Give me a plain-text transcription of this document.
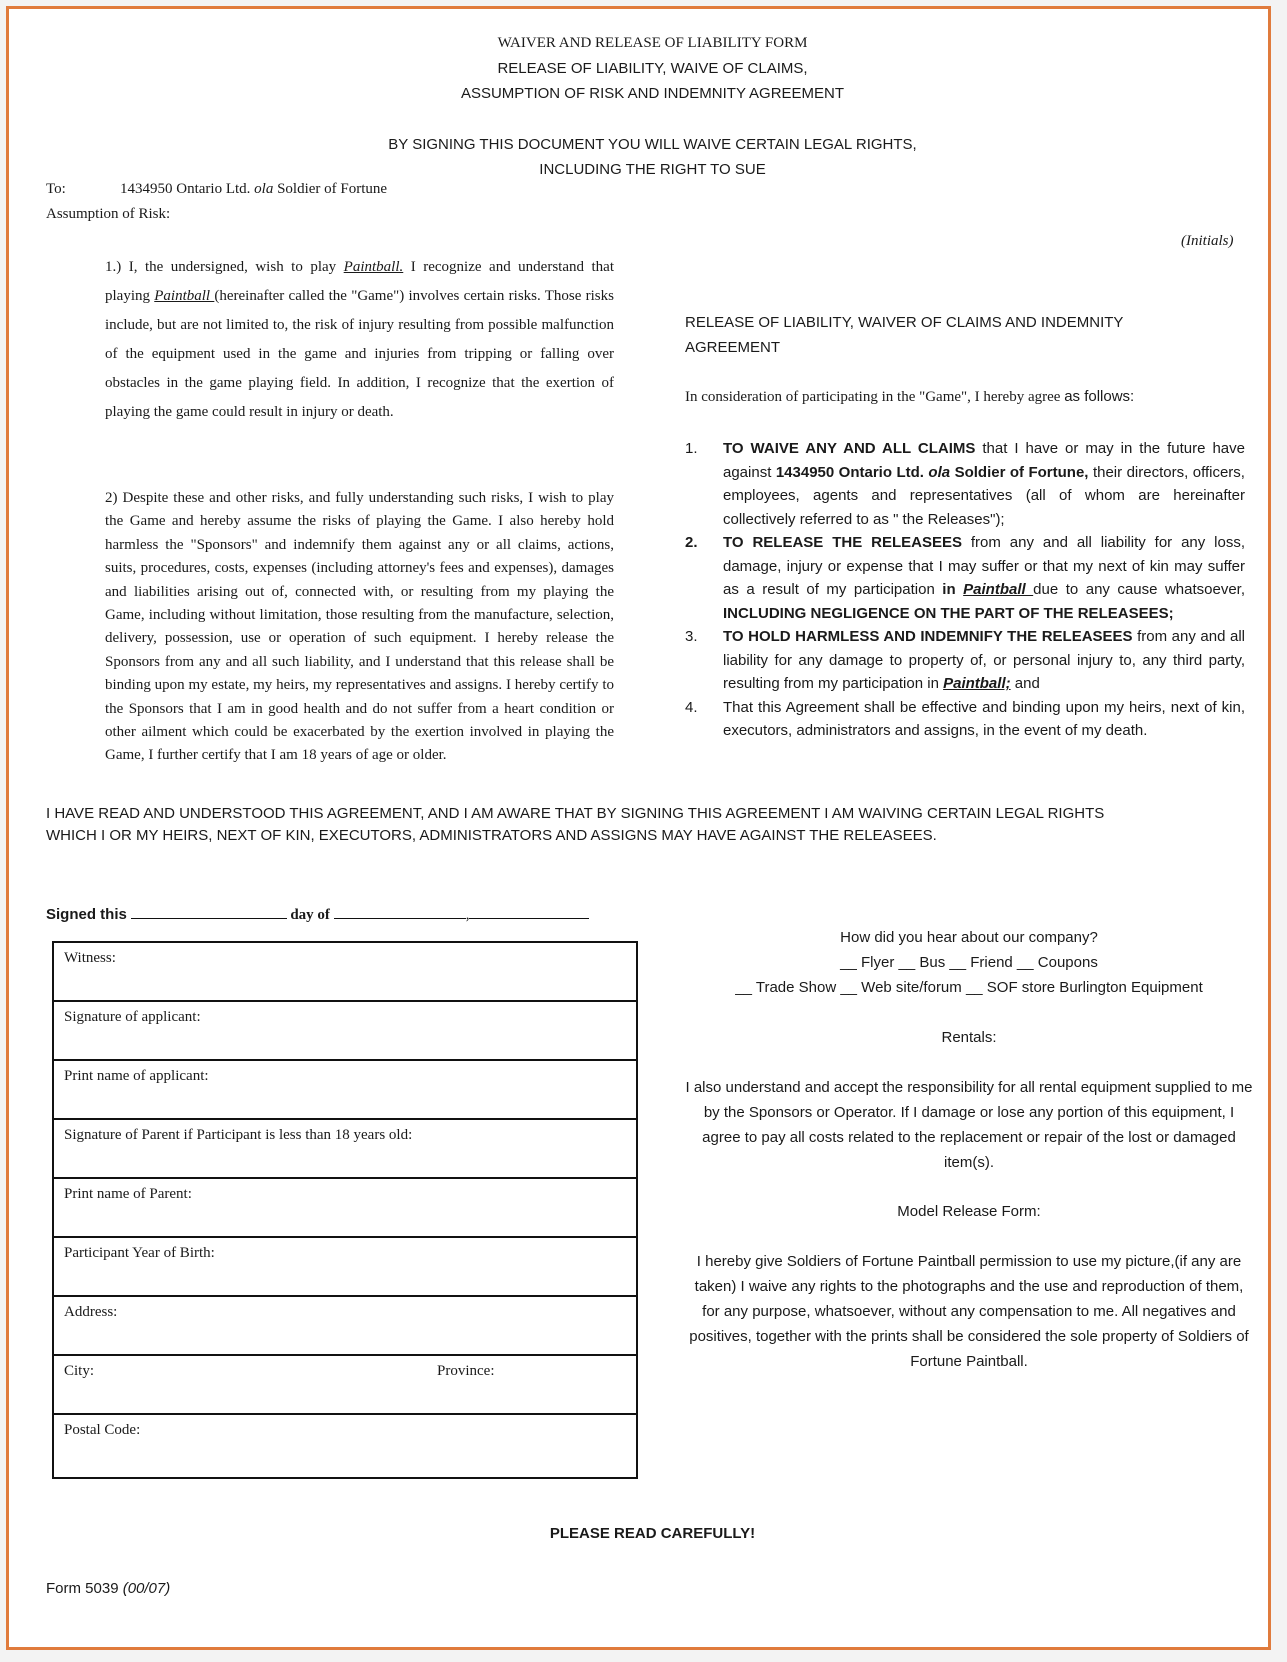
WAIVER AND RELEASE OF LIABILITY FORM
RELEASE OF LIABILITY, WAIVE OF CLAIMS,
ASSUMPTION OF RISK AND INDEMNITY AGREEMENT
BY SIGNING THIS DOCUMENT YOU WILL WAIVE CERTAIN LEGAL RIGHTS,
INCLUDING THE RIGHT TO SUE
To:	1434950 Ontario Ltd. ola Soldier of Fortune
Assumption of Risk:
(Initials)
1.) I, the undersigned, wish to play Paintball. I recognize and understand that playing Paintball (hereinafter called the "Game") involves certain risks. Those risks include, but are not limited to, the risk of injury resulting from possible malfunction of the equipment used in the game and injuries from tripping or falling over obstacles in the game playing field. In addition, I recognize that the exertion of playing the game could result in injury or death.
2) Despite these and other risks, and fully understanding such risks, I wish to play the Game and hereby assume the risks of playing the Game. I also hereby hold harmless the "Sponsors" and indemnify them against any or all claims, actions, suits, procedures, costs, expenses (including attorney's fees and expenses), damages and liabilities arising out of, connected with, or resulting from my playing the Game, including without limitation, those resulting from the manufacture, selection, delivery, possession, use or operation of such equipment. I hereby release the Sponsors from any and all such liability, and I understand that this release shall be binding upon my estate, my heirs, my representatives and assigns. I hereby certify to the Sponsors that I am in good health and do not suffer from a heart condition or other ailment which could be exacerbated by the exertion involved in playing the Game, I further certify that I am 18 years of age or older.
RELEASE OF LIABILITY, WAIVER OF CLAIMS AND INDEMNITY
AGREEMENT
In consideration of participating in the "Game", I hereby agree as follows:
1. TO WAIVE ANY AND ALL CLAIMS that I have or may in the future have against 1434950 Ontario Ltd. ola Soldier of Fortune, their directors, officers, employees, agents and representatives (all of whom are hereinafter collectively referred to as " the Releases");
2. TO RELEASE THE RELEASEES from any and all liability for any loss, damage, injury or expense that I may suffer or that my next of kin may suffer as a result of my participation in Paintball due to any cause whatsoever, INCLUDING NEGLIGENCE ON THE PART OF THE RELEASEES;
3. TO HOLD HARMLESS AND INDEMNIFY THE RELEASEES from any and all liability for any damage to property of, or personal injury to, any third party, resulting from my participation in Paintball; and
4. That this Agreement shall be effective and binding upon my heirs, next of kin, executors, administrators and assigns, in the event of my death.
I HAVE READ AND UNDERSTOOD THIS AGREEMENT, AND I AM AWARE THAT BY SIGNING THIS AGREEMENT I AM WAIVING CERTAIN LEGAL RIGHTS
WHICH I OR MY HEIRS, NEXT OF KIN, EXECUTORS, ADMINISTRATORS AND ASSIGNS MAY HAVE AGAINST THE RELEASEES.
Signed this	day of	,
Witness:
Signature of applicant:
Print name of applicant:
Signature of Parent if Participant is less than 18 years old:
Print name of Parent:
Participant Year of Birth:
Address:
City:	Province:
Postal Code:
How did you hear about our company?
__ Flyer __ Bus __ Friend __ Coupons
__ Trade Show __ Web site/forum __ SOF store Burlington Equipment
Rentals:
I also understand and accept the responsibility for all rental equipment supplied to me by the Sponsors or Operator. If I damage or lose any portion of this equipment, I agree to pay all costs related to the replacement or repair of the lost or damaged item(s).
Model Release Form:
I hereby give Soldiers of Fortune Paintball permission to use my picture,(if any are taken) I waive any rights to the photographs and the use and reproduction of them, for any purpose, whatsoever, without any compensation to me. All negatives and positives, together with the prints shall be considered the sole property of Soldiers of Fortune Paintball.
PLEASE READ CAREFULLY!
Form 5039 (00/07)
